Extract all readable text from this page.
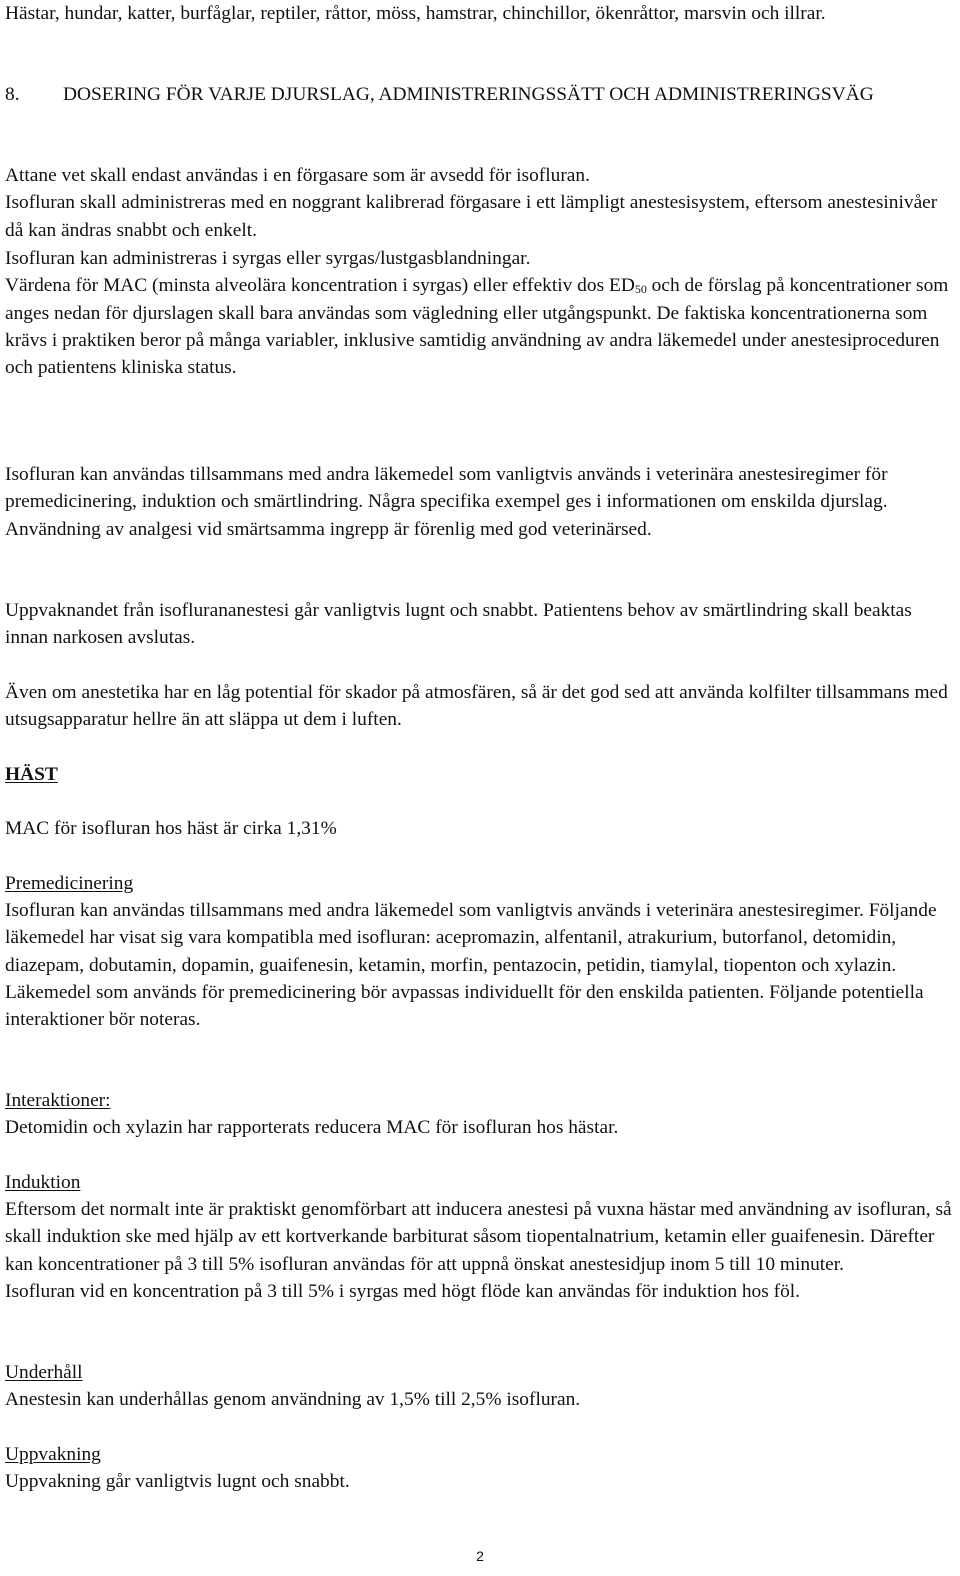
Hästar, hundar, katter, burfåglar, reptiler, råttor, möss, hamstrar, chinchillor, ökenråttor, marsvin och illrar.

8. DOSERING FÖR VARJE DJURSLAG, ADMINISTRERINGSSÄTT OCH ADMINISTRERINGSVÄG

Attane vet skall endast användas i en förgasare som är avsedd för isofluran.
Isofluran skall administreras med en noggrant kalibrerad förgasare i ett lämpligt anestesisystem, eftersom anestesinivåer då kan ändras snabbt och enkelt.

Isofluran kan administreras i syrgas eller syrgas/lustgasblandningar.
Värdena för MAC (minsta alveolära koncentration i syrgas) eller effektiv dos $ED_{50}$ och de förslag på koncentrationer som anges nedan för djurslagen skall bara användas som vägledning eller utgångspunkt. De faktiska koncentrationerna som krävs i praktiken beror på många variabler, inklusive samtidig användning av andra läkemedel under anestesiproceduren och patientens kliniska status.

Isofluran kan användas tillsammans med andra läkemedel som vanligtvis används i veterinära anestesiregimer för premedicinering, induktion och smärtlindring. Några specifika exempel ges i informationen om enskilda djurslag. Användning av analgesi vid smärtsamma ingrepp är förenlig med god veterinärsed.

Uppvaknandet från isoflurananestesi går vanligtvis lugnt och snabbt. Patientens behov av smärtlindring skall beaktas innan narkosen avslutas.

Även om anestetika har en låg potential för skador på atmosfären, så är det god sed att använda kolfilter tillsammans med utsugsapparatur hellre än att släppa ut dem i luften.

HÄST

MAC för isofluran hos häst är cirka 1,31%

Premedicinering

Isofluran kan användas tillsammans med andra läkemedel som vanligtvis används i veterinära anestesiregimer. Följande läkemedel har visat sig vara kompatibla med isofluran: acepromazin, alfentanil, atrakurium, butorfanol, detomidin, diazepam, dobutamin, dopamin, guaifenesin, ketamin, morfin, pentazocin, petidin, tiamylal, tiopenton och xylazin. Läkemedel som används för premedicinering bör avpassas individuellt för den enskilda patienten. Följande potentiella interaktioner bör noteras.

Interaktioner:

Detomidin och xylazin har rapporterats reducera MAC för isofluran hos hästar.

Induktion

Eftersom det normalt inte är praktiskt genomförbart att inducera anestesi på vuxna hästar med användning av isofluran, så skall induktion ske med hjälp av ett kortverkande barbiturat såsom tiopentalnatrium, ketamin eller guaifenesin. Därefter kan koncentrationer på 3 till 5% isofluran användas för att uppnå önskat anestesidjup inom 5 till 10 minuter.
Isofluran vid en koncentration på 3 till 5% i syrgas med högt flöde kan användas för induktion hos föl.

Underhåll

Anestesin kan underhållas genom användning av 1,5% till 2,5% isofluran.

Uppvakning

Uppvakning går vanligtvis lugnt och snabbt.

2
